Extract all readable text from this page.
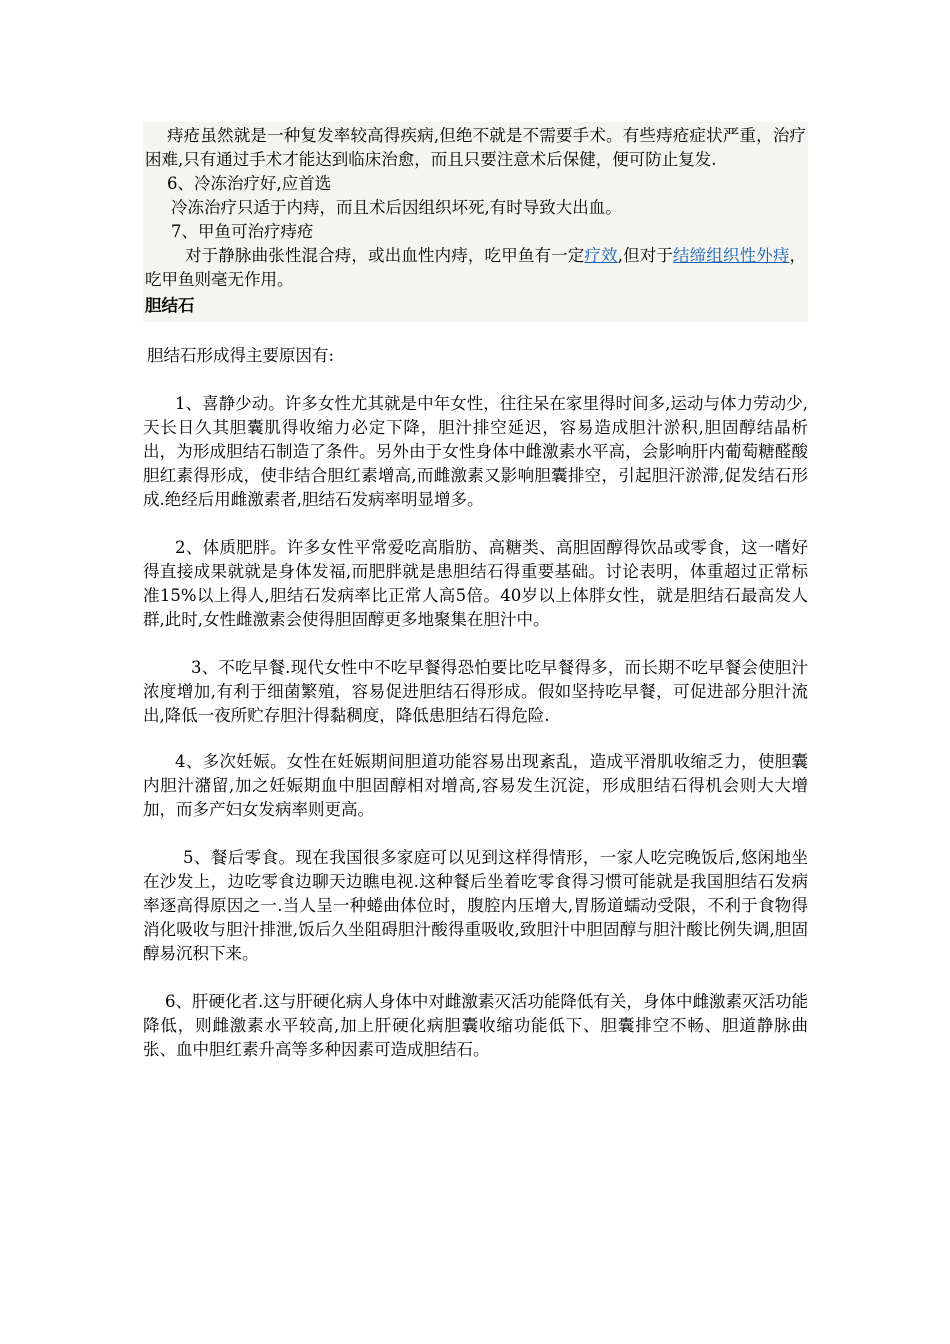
痔疮虽然就是一种复发率较高得疾病,但绝不就是不需要手术。有些痔疮症状严重，治疗困难,只有通过手术才能达到临床治愈，而且只要注意术后保健，便可防止复发.

6、冷冻治疗好,应首选

冷冻治疗只适于内痔，而且术后因组织坏死,有时导致大出血。

7、甲鱼可治疗痔疮

对于静脉曲张性混合痔，或出血性内痔，吃甲鱼有一定疗效,但对于结缔组织性外痔，吃甲鱼则毫无作用。

胆结石

胆结石形成得主要原因有:

1、喜静少动。许多女性尤其就是中年女性，往往呆在家里得时间多,运动与体力劳动少,天长日久其胆囊肌得收缩力必定下降，胆汁排空延迟，容易造成胆汁淤积,胆固醇结晶析出，为形成胆结石制造了条件。另外由于女性身体中雌激素水平高，会影响肝内葡萄糖醛酸胆红素得形成，使非结合胆红素增高,而雌激素又影响胆囊排空，引起胆汗淤滞,促发结石形成.绝经后用雌激素者,胆结石发病率明显增多。

2、体质肥胖。许多女性平常爱吃高脂肪、高糖类、高胆固醇得饮品或零食，这一嗜好得直接成果就就是身体发福,而肥胖就是患胆结石得重要基础。讨论表明，体重超过正常标准15%以上得人,胆结石发病率比正常人高5倍。40岁以上体胖女性，就是胆结石最高发人群,此时,女性雌激素会使得胆固醇更多地聚集在胆汁中。

3、不吃早餐.现代女性中不吃早餐得恐怕要比吃早餐得多，而长期不吃早餐会使胆汁浓度增加,有利于细菌繁殖，容易促进胆结石得形成。假如坚持吃早餐，可促进部分胆汁流出,降低一夜所贮存胆汁得黏稠度，降低患胆结石得危险.

4、多次妊娠。女性在妊娠期间胆道功能容易出现紊乱，造成平滑肌收缩乏力，使胆囊内胆汁潴留,加之妊娠期血中胆固醇相对增高,容易发生沉淀，形成胆结石得机会则大大增加，而多产妇女发病率则更高。

5、餐后零食。现在我国很多家庭可以见到这样得情形，一家人吃完晚饭后,悠闲地坐在沙发上，边吃零食边聊天边瞧电视.这种餐后坐着吃零食得习惯可能就是我国胆结石发病率逐高得原因之一.当人呈一种蜷曲体位时，腹腔内压增大,胃肠道蠕动受限，不利于食物得消化吸收与胆汁排泄,饭后久坐阻碍胆汁酸得重吸收,致胆汁中胆固醇与胆汁酸比例失调,胆固醇易沉积下来。

6、肝硬化者.这与肝硬化病人身体中对雌激素灭活功能降低有关，身体中雌激素灭活功能降低，则雌激素水平较高,加上肝硬化病胆囊收缩功能低下、胆囊排空不畅、胆道静脉曲张、血中胆红素升高等多种因素可造成胆结石。
